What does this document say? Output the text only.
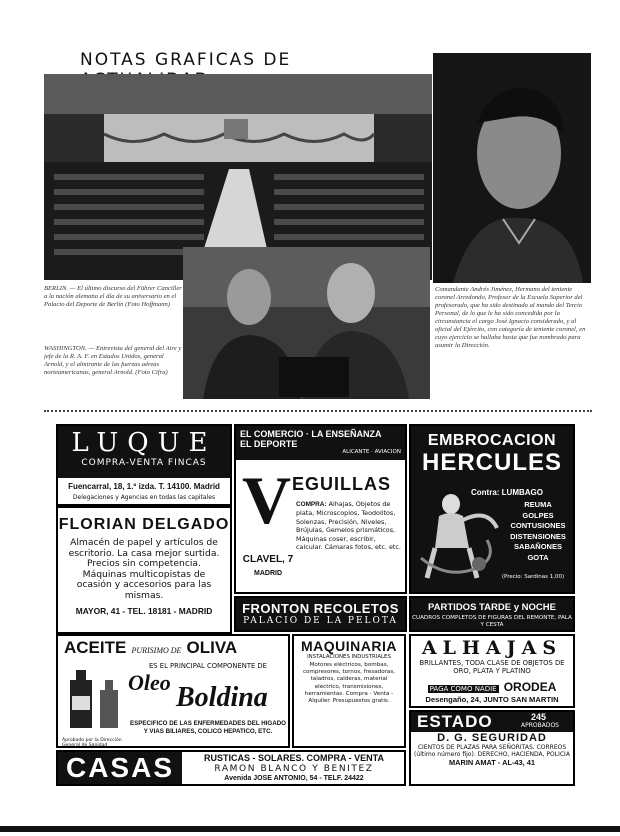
NOTAS GRAFICAS DE

BERLIN. — El último discurso del Führer Canciller a la nación alemana el día de su aniversario en el Palacio del Deporte de Berlín (Foto Hoffmann)

WASHINGTON. — Entrevista del general del Aire y jefe de la R. A. F. en Estados Unidos, general Arnold, y el almirante de las fuerzas aéreas norteamericanas, general Arnold. (Foto Cifra)

Comandante Andrés Jiménez, Hermano del teniente coronel Arredondo, Profesor de la Escuela Superior del profesorado, que ha sido destinado al mando del Tercio Personal, de lo que le ha sido concedida por la circunstancia el cargo José Ignacio considerado, y al oficial del Ejército, con categoría de teniente coronel, en cuyo ejercicio se hallaba hasta que fue nombrado para asumir la Dirección.

LUQUE
COMPRA-VENTA FINCAS
Fuencarral, 18, 1.º izda. T. 14100. Madrid
Delegaciones y Agencias en todas las capitales
EL COMERCIO · LA ENSEÑANZA
EL DEPORTE
ALICANTE · AVIACION
V EGUILLAS
COMPRA: Alhajas, Objetos de plata, Microscopios, Teodolitos, Solenzas, Precisión, Niveles, Brújulas, Gemelos prismáticos, Máquinas coser, escribir, calcular. Cámaras fotos, etc. etc.
CLAVEL, 7
MADRID
EMBROCACION
HERCULES
Contra: LUMBAGO
REUMA
GOLPES
CONTUSIONES
DISTENSIONES
SABAÑONES
GOTA
(Precio: Sardinas 1,00)
FLORIAN DELGADO
Almacén de papel y artículos de escritorio. La casa mejor surtida. Precios sin competencia. Máquinas multicopistas de ocasión y accesorios para las mismas.
MAYOR, 41 - TEL. 18181 - MADRID	FRONTON RECOLETOS
PALACIO DE LA PELOTA
PARTIDOS TARDE y NOCHE
CUADROS COMPLETOS DE FIGURAS DEL REMONTE, PALA Y CESTA
ACEITE PURISIMO DE OLIVA
ES EL PRINCIPAL COMPONENTE DE
Oleo Boldina
ESPECIFICO DE LAS ENFERMEDADES DEL HIGADO Y VIAS BILIARES, COLICO HEPATICO, ETC.
Aprobado por la Dirección General de Sanidad
MAQUINARIA
INSTALACIONES INDUSTRIALES
Motores eléctricos, bombas, compresores, tornos, fresadoras, taladros, calderas, material eléctrico, transmisiones, herramientas. Compra - Venta - Alquiler. Presupuestos gratis.
ALHAJAS
BRILLANTES, TODA CLASE DE OBJETOS DE ORO, PLATA Y PLATINO
PAGA COMO NADIE ORODEA
Desengaño, 24, JUNTO SAN MARTIN
ESTADO	245
APROBADOS
D. G. SEGURIDAD
CIENTOS DE PLAZAS PARA SEÑORITAS. CORREOS (último número fijo). DERECHO, HACIENDA, POLICIA
MARIN AMAT - AL-43, 41
CASAS	RUSTICAS - SOLARES. COMPRA - VENTA
RAMON BLANCO Y BENITEZ
Avenida JOSE ANTONIO, 54 - TELF. 24422
